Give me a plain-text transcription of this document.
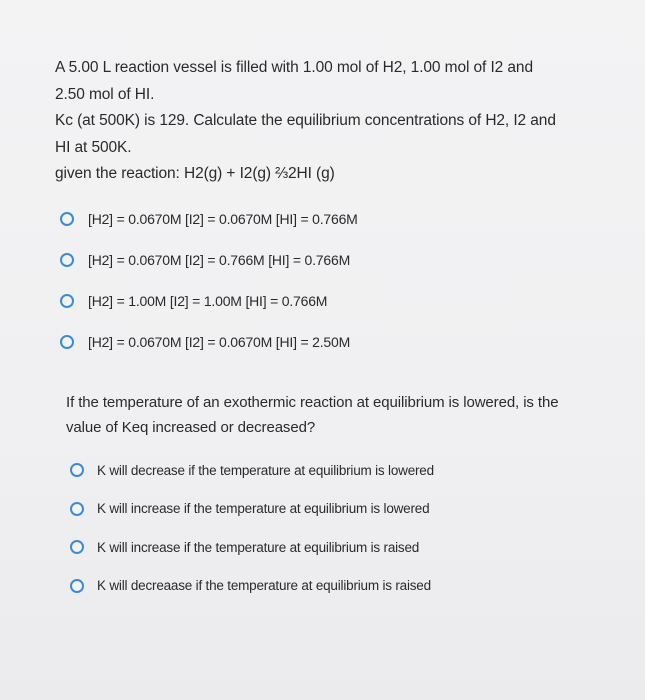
A 5.00 L reaction vessel is filled with 1.00 mol of H2, 1.00 mol of I2 and

2.50 mol of HI.

Kc (at 500K) is 129. Calculate the equilibrium concentrations of H2, I2 and

HI at 500K.

given the reaction: H2(g) + I2(g) ⅔2HI (g)

[H2] = 0.0670M [I2] = 0.0670M [HI] = 0.766M
[H2] = 0.0670M [I2] = 0.766M [HI] = 0.766M
[H2] = 1.00M [I2] = 1.00M [HI] = 0.766M
[H2] = 0.0670M [I2] = 0.0670M [HI] = 2.50M

If the temperature of an exothermic reaction at equilibrium is lowered, is the

value of Keq increased or decreased?

K will decrease if the temperature at equilibrium is lowered
K will increase if the temperature at equilibrium is lowered
K will increase if the temperature at equilibrium is raised
K will decreaase if the temperature at equilibrium is raised
